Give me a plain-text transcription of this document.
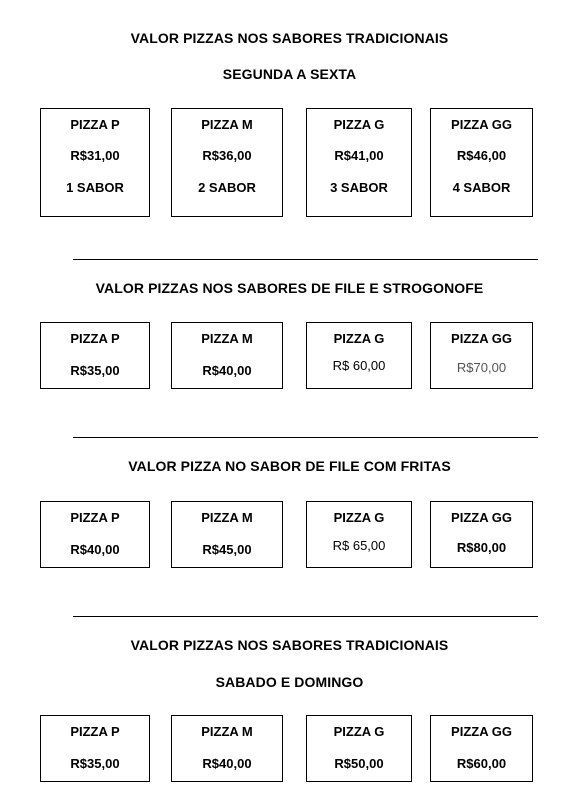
VALOR PIZZAS NOS SABORES TRADICIONAIS
SEGUNDA A SEXTA
PIZZA P
R$31,00
1 SABOR
PIZZA M
R$36,00
2 SABOR
PIZZA G
R$41,00
3 SABOR
PIZZA GG
R$46,00
4 SABOR
VALOR PIZZAS NOS SABORES DE FILE E STROGONOFE
PIZZA P
R$35,00
PIZZA M
R$40,00
PIZZA G
R$ 60,00
PIZZA GG
R$70,00
VALOR PIZZA NO SABOR DE FILE COM FRITAS
PIZZA P
R$40,00
PIZZA M
R$45,00
PIZZA G
R$ 65,00
PIZZA GG
R$80,00
VALOR PIZZAS NOS SABORES TRADICIONAIS
SABADO E DOMINGO
PIZZA P
R$35,00
PIZZA M
R$40,00
PIZZA G
R$50,00
PIZZA GG
R$60,00
